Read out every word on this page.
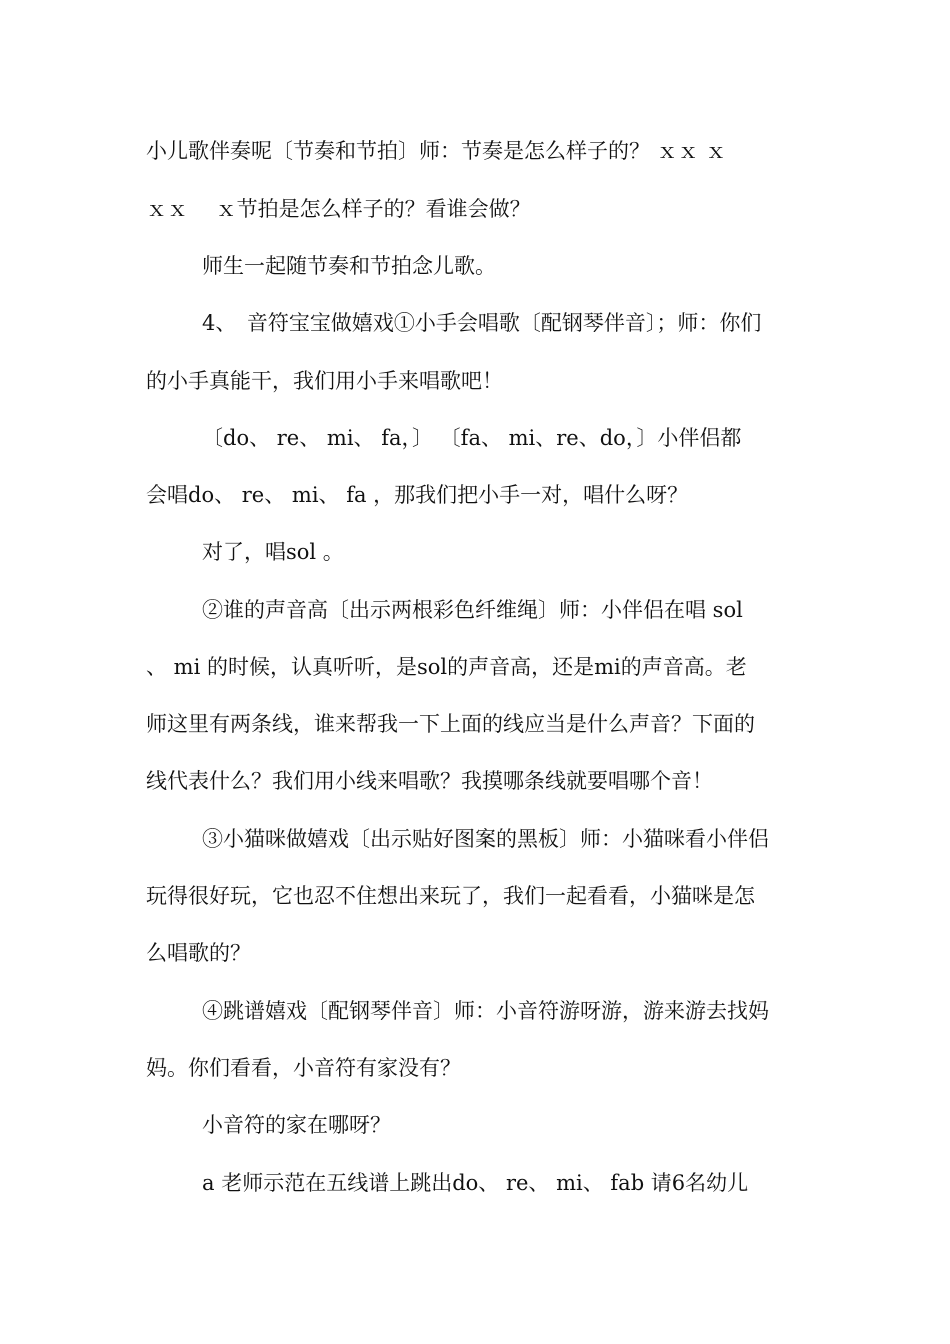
小儿歌伴奏呢〔节奏和节拍〕师：节奏是怎么样子的？ ｘｘ ｘ
ｘｘ　 ｘ节拍是怎么样子的？看谁会做？
师生一起随节奏和节拍念儿歌。
4、　音符宝宝做嬉戏①小手会唱歌〔配钢琴伴音〕；师：你们
的小手真能干，我们用小手来唱歌吧！
〔do、 re、 mi、 fa，〕 〔fa、 mi、re、do，〕小伴侣都
会唱do、 re、 mi、 fa ，那我们把小手一对，唱什么呀？
对了，唱sol 。
②谁的声音高〔出示两根彩色纤维绳〕师：小伴侣在唱 sol
、 mi 的时候，认真听听，是sol的声音高，还是mi的声音高。老
师这里有两条线，谁来帮我一下上面的线应当是什么声音？下面的
线代表什么？我们用小线来唱歌？我摸哪条线就要唱哪个音！
③小猫咪做嬉戏〔出示贴好图案的黑板〕师：小猫咪看小伴侣
玩得很好玩，它也忍不住想出来玩了，我们一起看看，小猫咪是怎
么唱歌的？
④跳谱嬉戏〔配钢琴伴音〕师：小音符游呀游，游来游去找妈
妈。你们看看，小音符有家没有？
小音符的家在哪呀？
a 老师示范在五线谱上跳出do、 re、 mi、 fab 请6名幼儿
